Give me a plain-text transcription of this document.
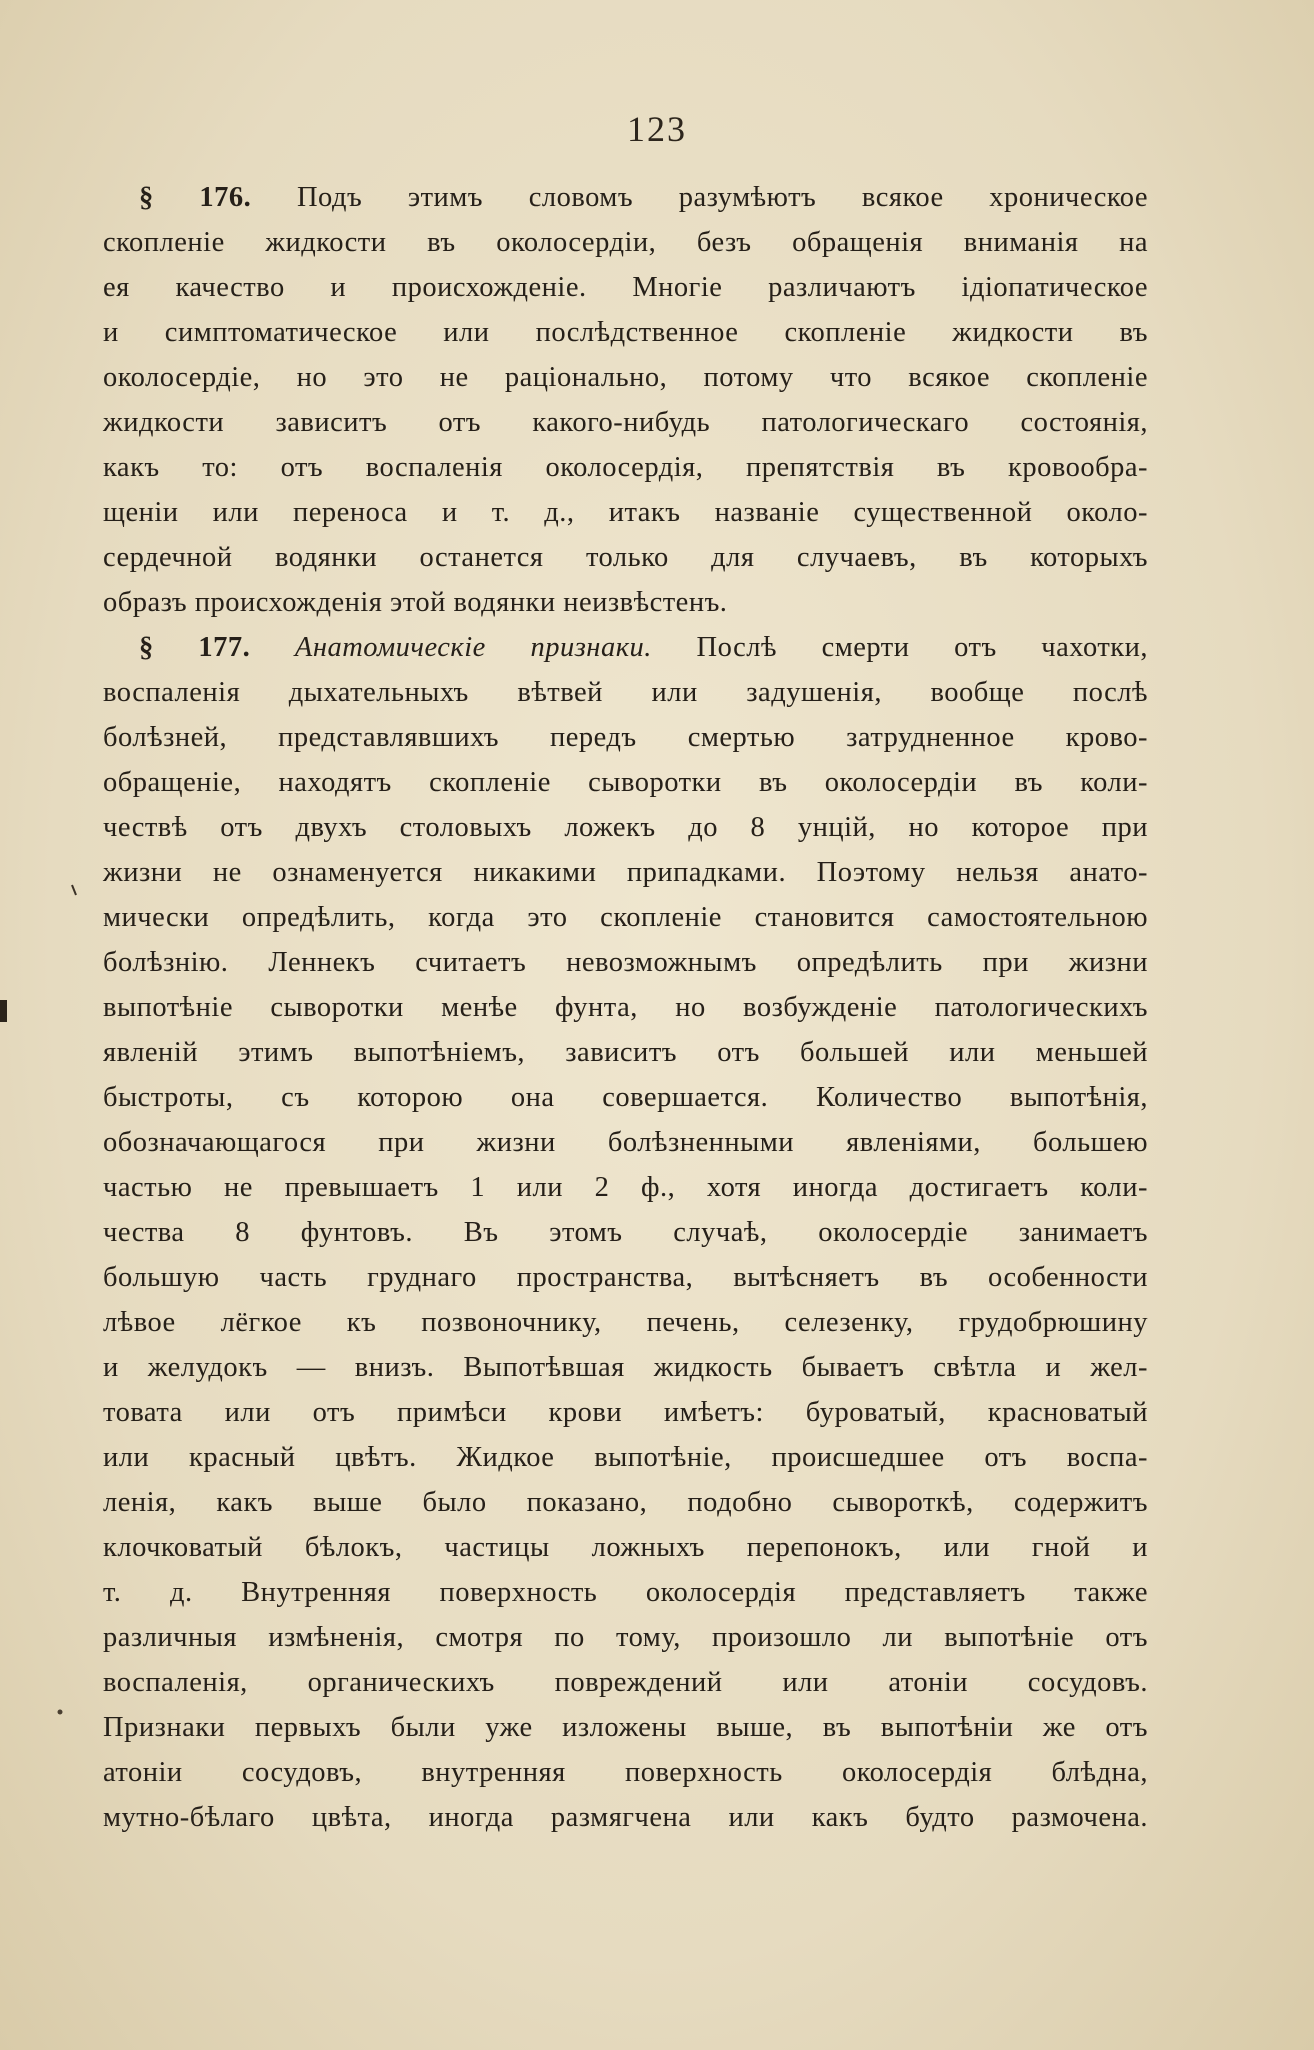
123
§ 176. Подъ этимъ словомъ разумѣютъ всякое хроническое
скопленіе жидкости въ околосердіи, безъ обращенія вниманія на
ея качество и происхожденіе. Многіе различаютъ ідіопатическое
и симптоматическое или послѣдственное скопленіе жидкости въ
околосердіе, но это не раціонально, потому что всякое скопленіе
жидкости зависитъ отъ какого-нибудь патологическаго состоянія,
какъ то: отъ воспаленія околосердія, препятствія въ кровообра-
щеніи или переноса и т. д., итакъ названіе существенной около-
сердечной водянки останется только для случаевъ, въ которыхъ
образъ происхожденія этой водянки неизвѣстенъ.
§ 177. Анатомическіе признаки. Послѣ смерти отъ чахотки,
воспаленія дыхательныхъ вѣтвей или задушенія, вообще послѣ
болѣзней, представлявшихъ передъ смертью затрудненное крово-
обращеніе, находятъ скопленіе сыворотки въ околосердіи въ коли-
чествѣ отъ двухъ столовыхъ ложекъ до 8 унцій, но которое при
жизни не ознаменуется никакими припадками. Поэтому нельзя анато-
мически опредѣлить, когда это скопленіе становится самостоятельною
болѣзнію. Леннекъ считаетъ невозможнымъ опредѣлить при жизни
выпотѣніе сыворотки менѣе фунта, но возбужденіе патологическихъ
явленій этимъ выпотѣніемъ, зависитъ отъ большей или меньшей
быстроты, съ которою она совершается. Количество выпотѣнія,
обозначающагося при жизни болѣзненными явленіями, большею
частью не превышаетъ 1 или 2 ф., хотя иногда достигаетъ коли-
чества 8 фунтовъ. Въ этомъ случаѣ, околосердіе занимаетъ
большую часть груднаго пространства, вытѣсняетъ въ особенности
лѣвое лёгкое къ позвоночнику, печень, селезенку, грудобрюшину
и желудокъ — внизъ. Выпотѣвшая жидкость бываетъ свѣтла и жел-
товата или отъ примѣси крови имѣетъ: буроватый, красноватый
или красный цвѣтъ. Жидкое выпотѣніе, происшедшее отъ воспа-
ленія, какъ выше было показано, подобно сывороткѣ, содержитъ
клочковатый бѣлокъ, частицы ложныхъ перепонокъ, или гной и
т. д. Внутренняя поверхность околосердія представляетъ также
различныя измѣненія, смотря по тому, произошло ли выпотѣніе отъ
воспаленія, органическихъ повреждений или атоніи сосудовъ.
Признаки первыхъ были уже изложены выше, въ выпотѣніи же отъ
атоніи сосудовъ, внутренняя поверхность околосердія блѣдна,
мутно-бѣлаго цвѣта, иногда размягчена или какъ будто размочена.
